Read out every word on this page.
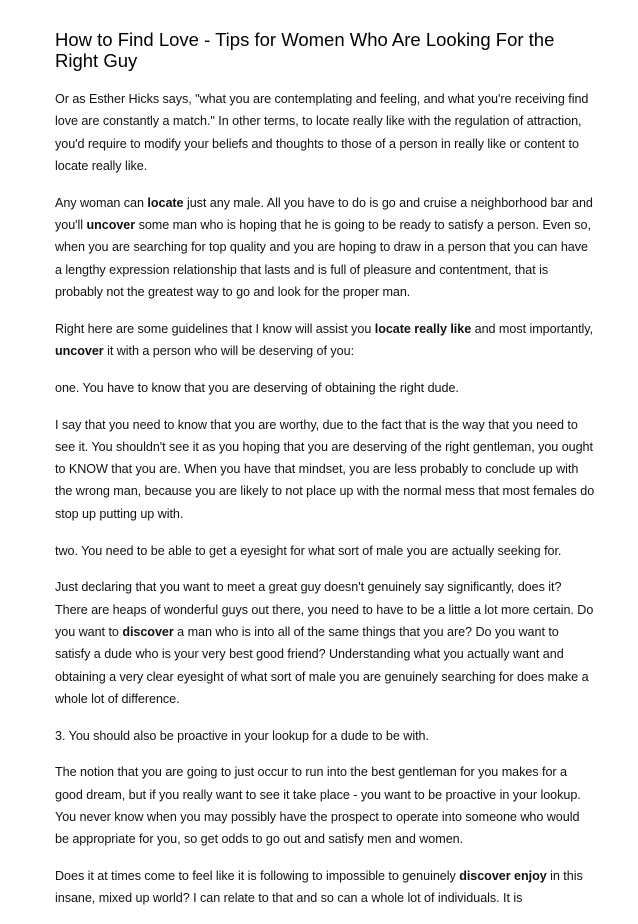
How to Find Love - Tips for Women Who Are Looking For the Right Guy

Or as Esther Hicks says, "what you are contemplating and feeling, and what you're receiving find love are constantly a match." In other terms, to locate really like with the regulation of attraction, you'd require to modify your beliefs and thoughts to those of a person in really like or content to locate really like.

Any woman can locate just any male. All you have to do is go and cruise a neighborhood bar and you'll uncover some man who is hoping that he is going to be ready to satisfy a person. Even so, when you are searching for top quality and you are hoping to draw in a person that you can have a lengthy expression relationship that lasts and is full of pleasure and contentment, that is probably not the greatest way to go and look for the proper man.

Right here are some guidelines that I know will assist you locate really like and most importantly, uncover it with a person who will be deserving of you:

one. You have to know that you are deserving of obtaining the right dude.

I say that you need to know that you are worthy, due to the fact that is the way that you need to see it. You shouldn't see it as you hoping that you are deserving of the right gentleman, you ought to KNOW that you are. When you have that mindset, you are less probably to conclude up with the wrong man, because you are likely to not place up with the normal mess that most females do stop up putting up with.

two. You need to be able to get a eyesight for what sort of male you are actually seeking for.

Just declaring that you want to meet a great guy doesn't genuinely say significantly, does it? There are heaps of wonderful guys out there, you need to have to be a little a lot more certain. Do you want to discover a man who is into all of the same things that you are? Do you want to satisfy a dude who is your very best good friend? Understanding what you actually want and obtaining a very clear eyesight of what sort of male you are genuinely searching for does make a whole lot of difference.

3. You should also be proactive in your lookup for a dude to be with.

The notion that you are going to just occur to run into the best gentleman for you makes for a good dream, but if you really want to see it take place - you want to be proactive in your lookup. You never know when you may possibly have the prospect to operate into someone who would be appropriate for you, so get odds to go out and satisfy men and women.

Does it at times come to feel like it is following to impossible to genuinely discover enjoy in this insane, mixed up world? I can relate to that and so can a whole lot of individuals. It is
